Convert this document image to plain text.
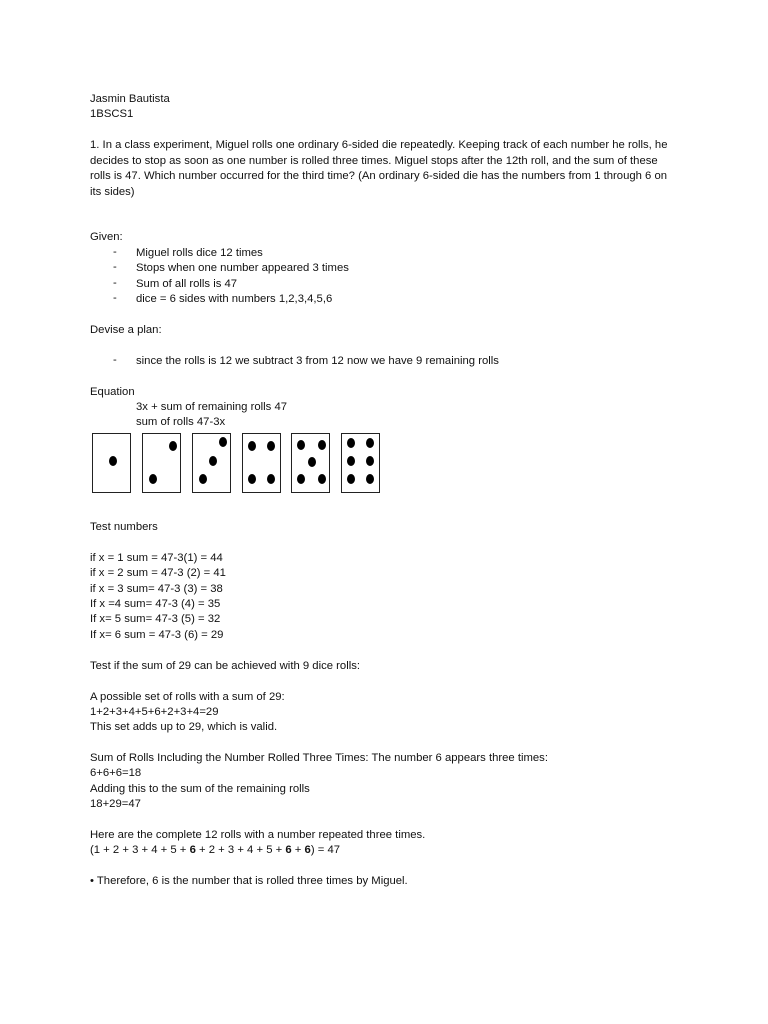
Jasmin Bautista
1BSCS1
1. In a class experiment, Miguel rolls one ordinary 6-sided die repeatedly. Keeping track of each number he rolls, he decides to stop as soon as one number is rolled three times. Miguel stops after the 12th roll, and the sum of these rolls is 47. Which number occurred for the third time? (An ordinary 6-sided die has the numbers from 1 through 6 on its sides)
Given:
- Miguel rolls dice 12 times
- Stops when one number appeared 3 times
- Sum of all rolls is 47
- dice = 6 sides with numbers 1,2,3,4,5,6
Devise a plan:
- since the rolls is 12 we subtract 3 from 12 now we have 9 remaining rolls
Equation
3x + sum of remaining rolls 47
sum of rolls 47-3x
Test numbers
if x = 1 sum = 47-3(1) = 44
if x = 2 sum = 47-3 (2) = 41
if x = 3 sum= 47-3 (3) = 38
If x =4 sum= 47-3 (4) = 35
If x= 5 sum= 47-3 (5) = 32
If x= 6 sum = 47-3 (6) = 29
Test if the sum of 29 can be achieved with 9 dice rolls:
A possible set of rolls with a sum of 29:
1+2+3+4+5+6+2+3+4=29
This set adds up to 29, which is valid.
Sum of Rolls Including the Number Rolled Three Times: The number 6 appears three times:
6+6+6=18
Adding this to the sum of the remaining rolls
18+29=47
Here are the complete 12 rolls with a number repeated three times.
(1 + 2 + 3 + 4 + 5 + 6 + 2 + 3 + 4 + 5 + 6 + 6) = 47
• Therefore, 6 is the number that is rolled three times by Miguel.
